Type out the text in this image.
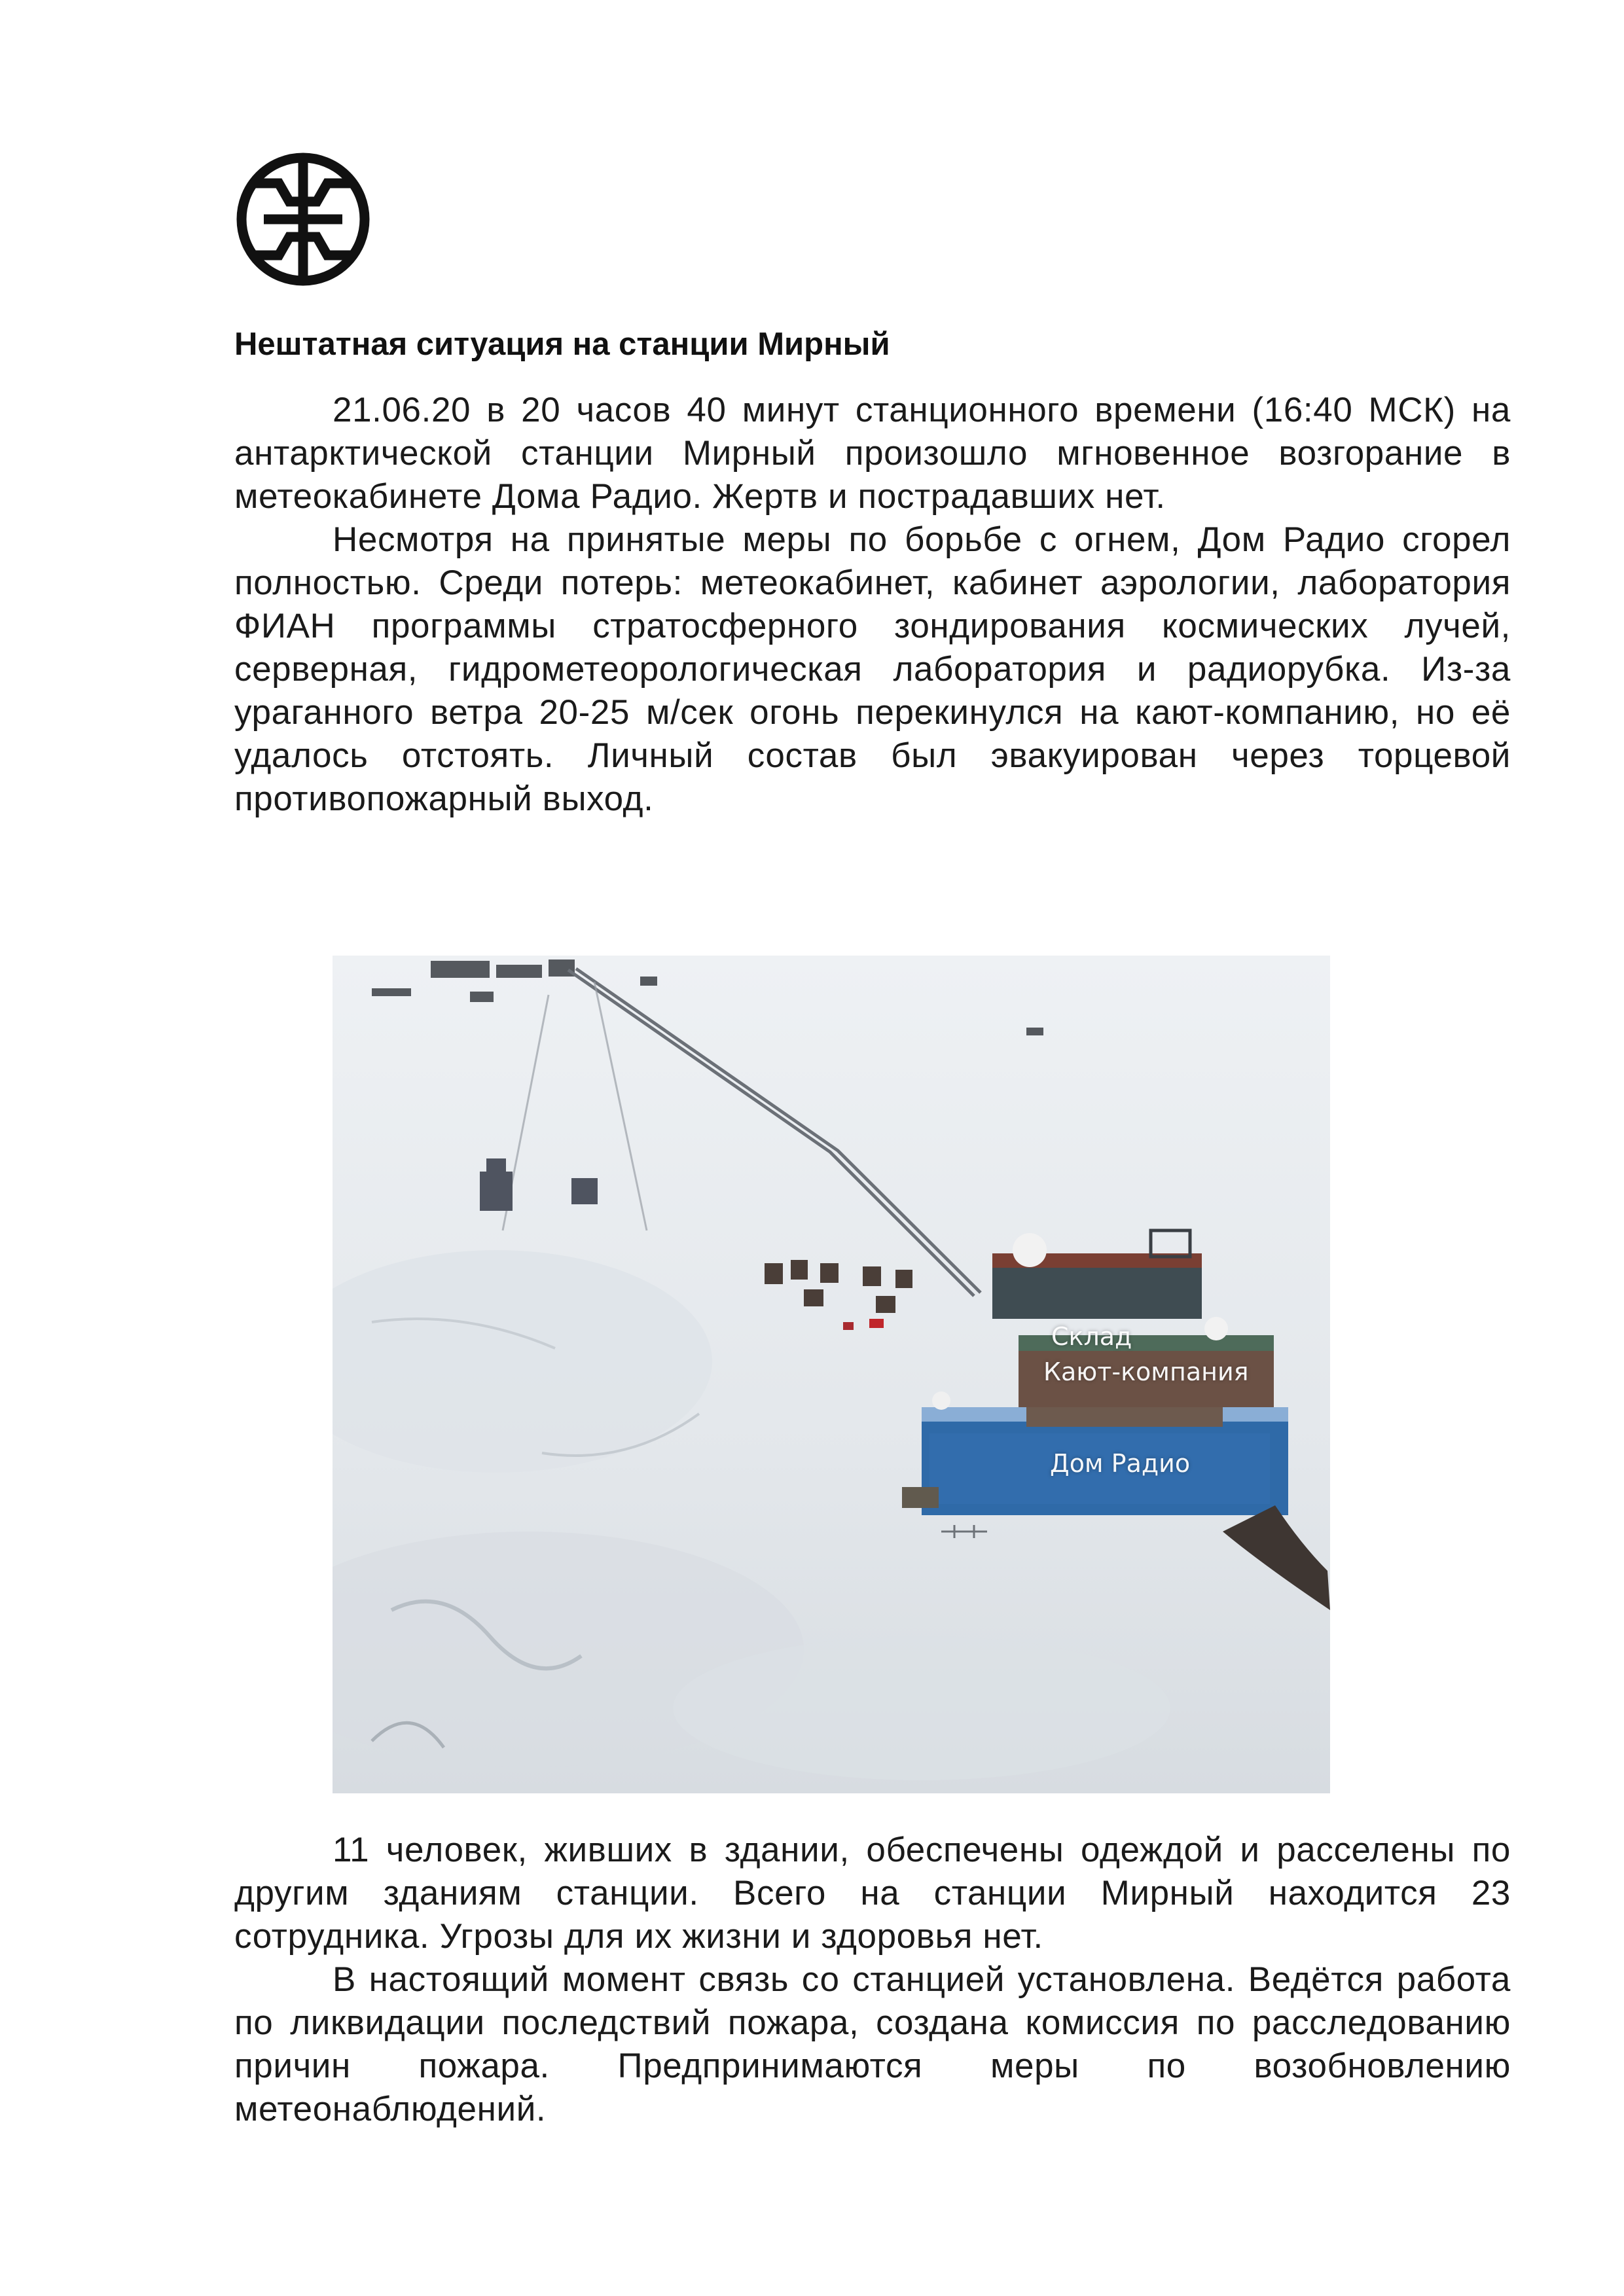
Нештатная ситуация на станции Мирный

21.06.20 в 20 часов 40 минут станционного времени (16:40 МСК) на антарктической станции Мирный произошло мгновенное возгорание в метеокабинете Дома Радио. Жертв и пострадавших нет.

Несмотря на принятые меры по борьбе с огнем, Дом Радио сгорел полностью. Среди потерь: метеокабинет, кабинет аэрологии, лаборатория ФИАН программы стратосферного зондирования космических лучей, серверная, гидрометеорологическая лаборатория и радиорубка. Из-за ураганного ветра 20-25 м/сек огонь перекинулся на кают-компанию, но её удалось отстоять. Личный состав был эвакуирован через торцевой противопожарный выход.

Склад
Кают-компания
Дом Радио

11 человек, живших в здании, обеспечены одеждой и расселены по другим зданиям станции. Всего на станции Мирный находится 23 сотрудника. Угрозы для их жизни и здоровья нет.

В настоящий момент связь со станцией установлена. Ведётся работа по ликвидации последствий пожара, создана комиссия по расследованию причин пожара. Предпринимаются меры по возобновлению метеонаблюдений.
